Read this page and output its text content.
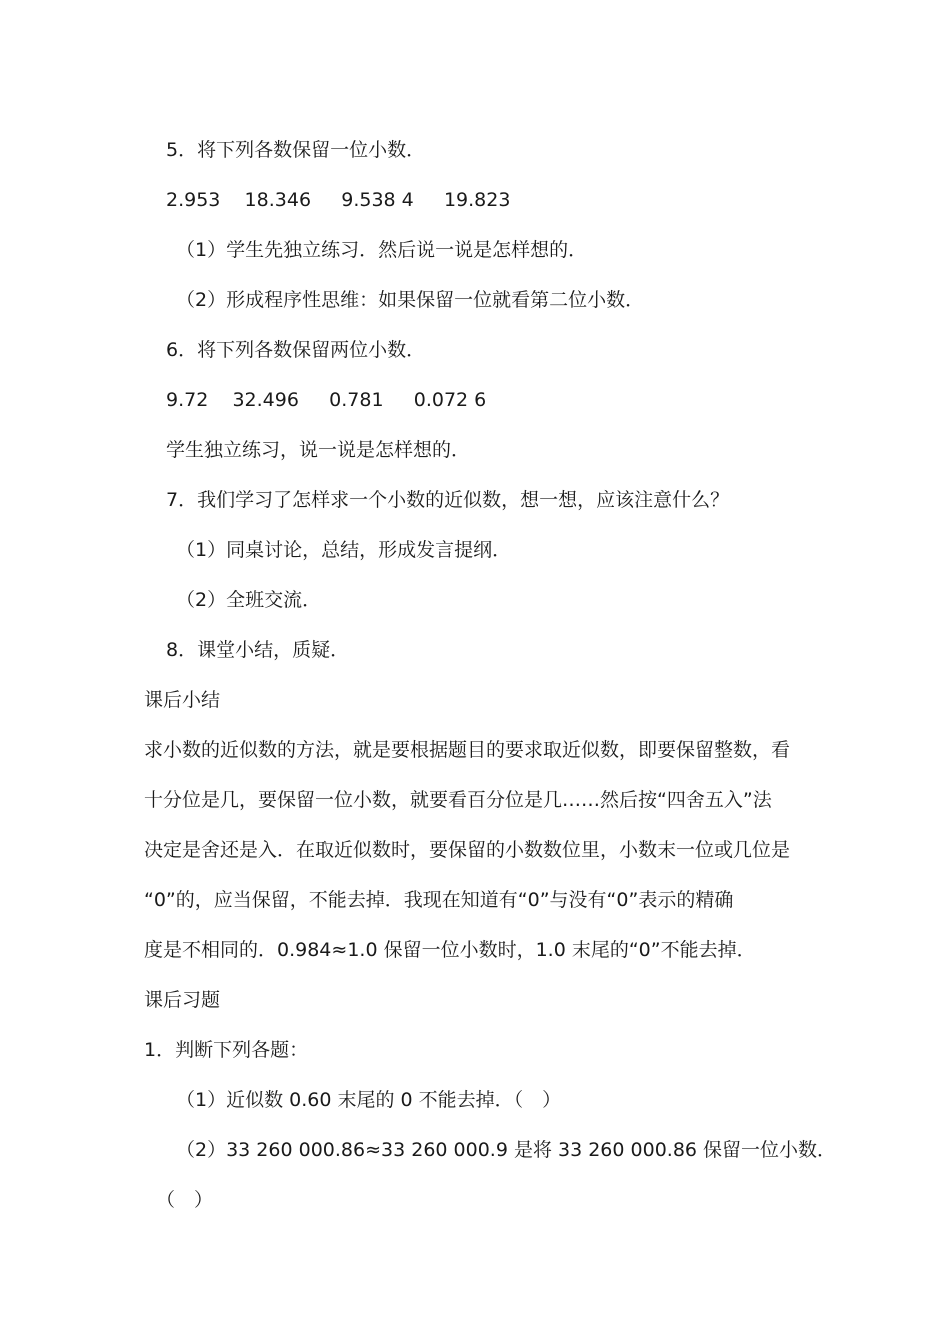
5．将下列各数保留一位小数．
2.953    18.346     9.538 4     19.823
（1）学生先独立练习．然后说一说是怎样想的．
（2）形成程序性思维：如果保留一位就看第二位小数．
6．将下列各数保留两位小数．
9.72    32.496     0.781     0.072 6
学生独立练习，说一说是怎样想的．
7．我们学习了怎样求一个小数的近似数，想一想，应该注意什么？
（1）同桌讨论，总结，形成发言提纲．
（2）全班交流．
8．课堂小结，质疑．
课后小结
求小数的近似数的方法，就是要根据题目的要求取近似数，即要保留整数，看
十分位是几，要保留一位小数，就要看百分位是几……然后按“四舍五入”法
决定是舍还是入．在取近似数时，要保留的小数数位里，小数末一位或几位是
“0”的，应当保留，不能去掉．我现在知道有“0”与没有“0”表示的精确
度是不相同的．0.984≈1.0 保留一位小数时，1.0 末尾的“0”不能去掉．
课后习题
1．判断下列各题：
（1）近似数 0.60 末尾的 0 不能去掉．（　）
（2）33 260 000.86≈33 260 000.9 是将 33 260 000.86 保留一位小数．
（　）
